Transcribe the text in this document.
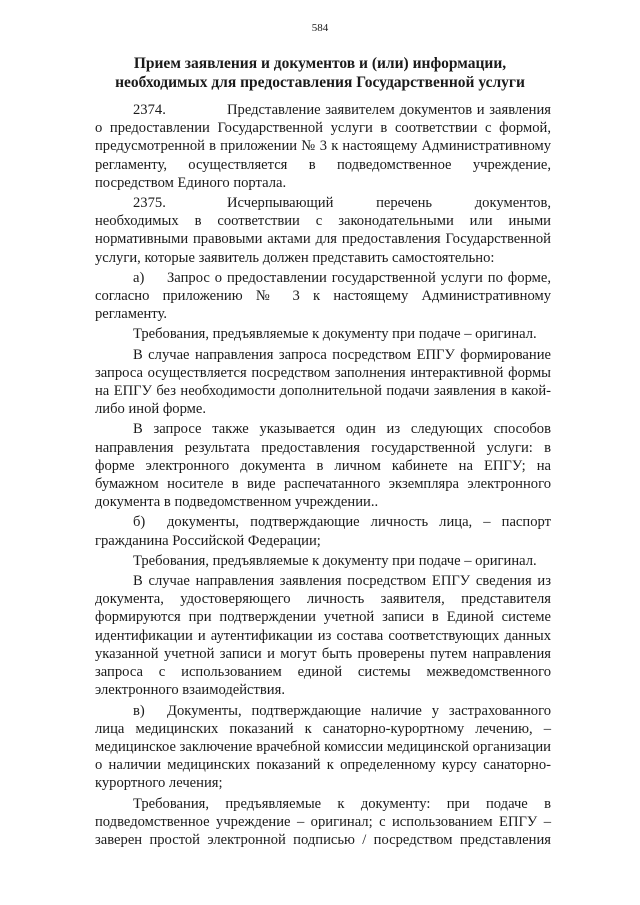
584
Прием заявления и документов и (или) информации,
необходимых для предоставления Государственной услуги

2374.	Представление заявителем документов и заявления о предоставлении Государственной услуги в соответствии с формой, предусмотренной в приложении № 3 к настоящему Административному регламенту, осуществляется в подведомственное учреждение, посредством Единого портала.

2375.	Исчерпывающий перечень документов, необходимых в соответствии с законодательными или иными нормативными правовыми актами для предоставления Государственной услуги, которые заявитель должен представить самостоятельно:

а) Запрос о предоставлении государственной услуги по форме, согласно приложению № 3 к настоящему Административному регламенту.

Требования, предъявляемые к документу при подаче – оригинал.

В случае направления запроса посредством ЕПГУ формирование запроса осуществляется посредством заполнения интерактивной формы на ЕПГУ без необходимости дополнительной подачи заявления в какой-либо иной форме.

В запросе также указывается один из следующих способов направления результата предоставления государственной услуги: в форме электронного документа в личном кабинете на ЕПГУ; на бумажном носителе в виде распечатанного экземпляра электронного документа в подведомственном учреждении..

б) документы, подтверждающие личность лица, – паспорт гражданина Российской Федерации;

Требования, предъявляемые к документу при подаче – оригинал.

В случае направления заявления посредством ЕПГУ сведения из документа, удостоверяющего личность заявителя, представителя формируются при подтверждении учетной записи в Единой системе идентификации и аутентификации из состава соответствующих данных указанной учетной записи и могут быть проверены путем направления запроса с использованием единой системы межведомственного электронного взаимодействия.

в) Документы, подтверждающие наличие у застрахованного лица медицинских показаний к санаторно-курортному лечению, – медицинское заключение врачебной комиссии медицинской организации о наличии медицинских показаний к определенному курсу санаторно-курортного лечения;

Требования, предъявляемые к документу: при подаче в подведомственное учреждение – оригинал; с использованием ЕПГУ – заверен простой электронной подписью / посредством представления
